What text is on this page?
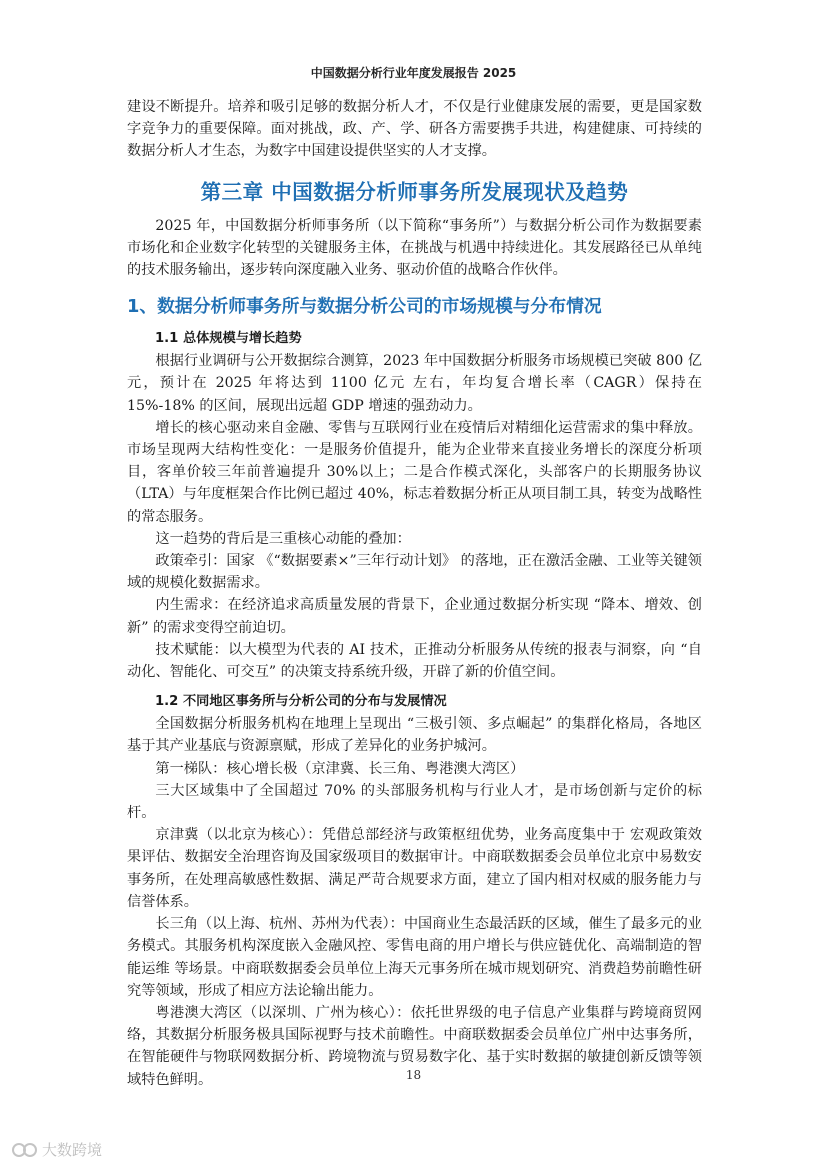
中国数据分析行业年度发展报告 2025

建设不断提升。培养和吸引足够的数据分析人才，不仅是行业健康发展的需要，更是国家数字竞争力的重要保障。面对挑战，政、产、学、研各方需要携手共进，构建健康、可持续的数据分析人才生态，为数字中国建设提供坚实的人才支撑。

第三章 中国数据分析师事务所发展现状及趋势

2025 年，中国数据分析师事务所（以下简称“事务所”）与数据分析公司作为数据要素市场化和企业数字化转型的关键服务主体，在挑战与机遇中持续进化。其发展路径已从单纯的技术服务输出，逐步转向深度融入业务、驱动价值的战略合作伙伴。

1、数据分析师事务所与数据分析公司的市场规模与分布情况
1.1 总体规模与增长趋势

根据行业调研与公开数据综合测算，2023 年中国数据分析服务市场规模已突破 800 亿元，预计在 2025 年将达到 1100 亿元 左右，年均复合增长率（CAGR）保持在 15%-18% 的区间，展现出远超 GDP 增速的强劲动力。

增长的核心驱动来自金融、零售与互联网行业在疫情后对精细化运营需求的集中释放。市场呈现两大结构性变化：一是服务价值提升，能为企业带来直接业务增长的深度分析项目，客单价较三年前普遍提升 30%以上；二是合作模式深化，头部客户的长期服务协议（LTA）与年度框架合作比例已超过 40%，标志着数据分析正从项目制工具，转变为战略性的常态服务。

这一趋势的背后是三重核心动能的叠加：

政策牵引：国家 《“数据要素×”三年行动计划》 的落地，正在激活金融、工业等关键领域的规模化数据需求。

内生需求：在经济追求高质量发展的背景下，企业通过数据分析实现 “降本、增效、创新” 的需求变得空前迫切。

技术赋能：以大模型为代表的 AI 技术，正推动分析服务从传统的报表与洞察，向 “自动化、智能化、可交互” 的决策支持系统升级，开辟了新的价值空间。

1.2 不同地区事务所与分析公司的分布与发展情况

全国数据分析服务机构在地理上呈现出 “三极引领、多点崛起” 的集群化格局，各地区基于其产业基底与资源禀赋，形成了差异化的业务护城河。

第一梯队：核心增长极（京津冀、长三角、粤港澳大湾区）

三大区域集中了全国超过 70% 的头部服务机构与行业人才，是市场创新与定价的标杆。

京津冀（以北京为核心）：凭借总部经济与政策枢纽优势，业务高度集中于 宏观政策效果评估、数据安全治理咨询及国家级项目的数据审计。中商联数据委会员单位北京中易数安事务所，在处理高敏感性数据、满足严苛合规要求方面，建立了国内相对权威的服务能力与信誉体系。

长三角（以上海、杭州、苏州为代表）：中国商业生态最活跃的区域，催生了最多元的业务模式。其服务机构深度嵌入金融风控、零售电商的用户增长与供应链优化、高端制造的智能运维 等场景。中商联数据委会员单位上海天元事务所在城市规划研究、消费趋势前瞻性研究等领域，形成了相应方法论输出能力。

粤港澳大湾区（以深圳、广州为核心）：依托世界级的电子信息产业集群与跨境商贸网络，其数据分析服务极具国际视野与技术前瞻性。中商联数据委会员单位广州中达事务所，在智能硬件与物联网数据分析、跨境物流与贸易数字化、基于实时数据的敏捷创新反馈等领域特色鲜明。	18
大数跨境
